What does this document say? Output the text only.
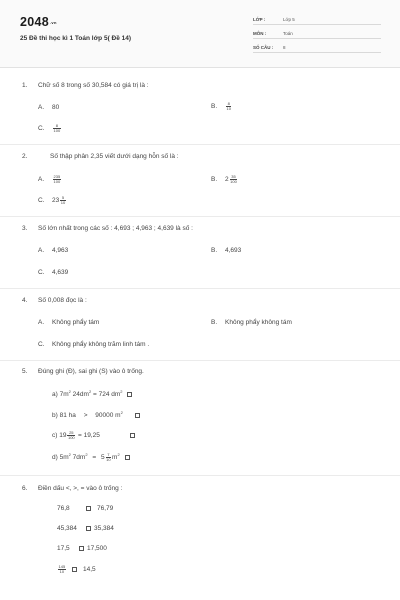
2048.vn
25 Đề thi học kì 1 Toán lớp 5( Đề 14)
LỚP :	Lớp 5
MÔN :	Toán
SỐ CÂU : 8
1. Chữ số 8 trong số 30,584 có giá trị là :
A. 80	B. $\frac{8}{10}$
C. $\frac{8}{100}$
2.	Số thập phân 2,35 viết dưới dạng hỗn số là :
A. $\frac{235}{100}$	B. $2 \frac{35}{100}$
C. $23 \frac{5}{10}$
3. Số lớn nhất trong các số : 4,693 ; 4,963 ; 4,639 là số :
A. 4,963	B. 4,693
C. 4,639
4. Số 0,008 đọc là :
A. Không phẩy tám	B. Không phẩy không tám
C. Không phẩy không trăm linh tám .
5. Đúng ghi (Đ), sai ghi (S) vào ô trống.
a) $7m^2$ $24dm^2 = 724$ $dm^2$
b) 81 ha > 90000 $m^2$
c) $19 \frac{25}{100} = 19,25$
d) $5m^2$ $7dm^2 = 5 \frac{7}{10} m^2$
6. Điền dấu <, >, = vào ô trống :
76,8	76,79
45,384	35,384
17,5	17,500
$\frac{145}{10}$	14,5
